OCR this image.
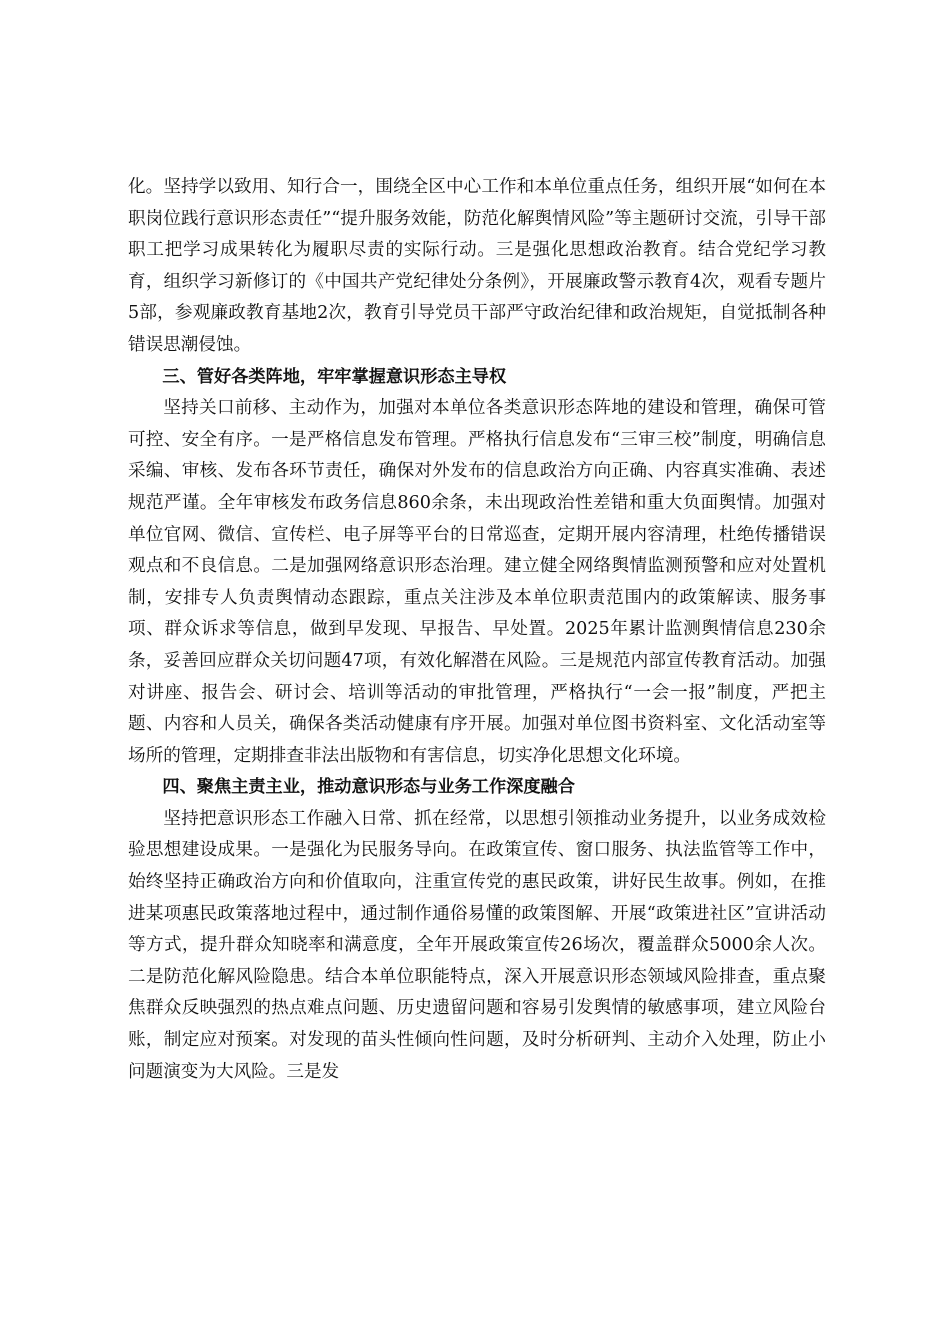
化。坚持学以致用、知行合一，围绕全区中心工作和本单位重点任务，组织开展“如何在本职岗位践行意识形态责任”“提升服务效能，防范化解舆情风险”等主题研讨交流，引导干部职工把学习成果转化为履职尽责的实际行动。三是强化思想政治教育。结合党纪学习教育，组织学习新修订的《中国共产党纪律处分条例》，开展廉政警示教育4次，观看专题片5部，参观廉政教育基地2次，教育引导党员干部严守政治纪律和政治规矩，自觉抵制各种错误思潮侵蚀。

三、管好各类阵地，牢牢掌握意识形态主导权

坚持关口前移、主动作为，加强对本单位各类意识形态阵地的建设和管理，确保可管可控、安全有序。一是严格信息发布管理。严格执行信息发布“三审三校”制度，明确信息采编、审核、发布各环节责任，确保对外发布的信息政治方向正确、内容真实准确、表述规范严谨。全年审核发布政务信息860余条，未出现政治性差错和重大负面舆情。加强对单位官网、微信、宣传栏、电子屏等平台的日常巡查，定期开展内容清理，杜绝传播错误观点和不良信息。二是加强网络意识形态治理。建立健全网络舆情监测预警和应对处置机制，安排专人负责舆情动态跟踪，重点关注涉及本单位职责范围内的政策解读、服务事项、群众诉求等信息，做到早发现、早报告、早处置。2025年累计监测舆情信息230余条，妥善回应群众关切问题47项，有效化解潜在风险。三是规范内部宣传教育活动。加强对讲座、报告会、研讨会、培训等活动的审批管理，严格执行“一会一报”制度，严把主题、内容和人员关，确保各类活动健康有序开展。加强对单位图书资料室、文化活动室等场所的管理，定期排查非法出版物和有害信息，切实净化思想文化环境。

四、聚焦主责主业，推动意识形态与业务工作深度融合

坚持把意识形态工作融入日常、抓在经常，以思想引领推动业务提升，以业务成效检验思想建设成果。一是强化为民服务导向。在政策宣传、窗口服务、执法监管等工作中，始终坚持正确政治方向和价值取向，注重宣传党的惠民政策，讲好民生故事。例如，在推进某项惠民政策落地过程中，通过制作通俗易懂的政策图解、开展“政策进社区”宣讲活动等方式，提升群众知晓率和满意度，全年开展政策宣传26场次，覆盖群众5000余人次。二是防范化解风险隐患。结合本单位职能特点，深入开展意识形态领域风险排查，重点聚焦群众反映强烈的热点难点问题、历史遗留问题和容易引发舆情的敏感事项，建立风险台账，制定应对预案。对发现的苗头性倾向性问题，及时分析研判、主动介入处理，防止小问题演变为大风险。三是发
